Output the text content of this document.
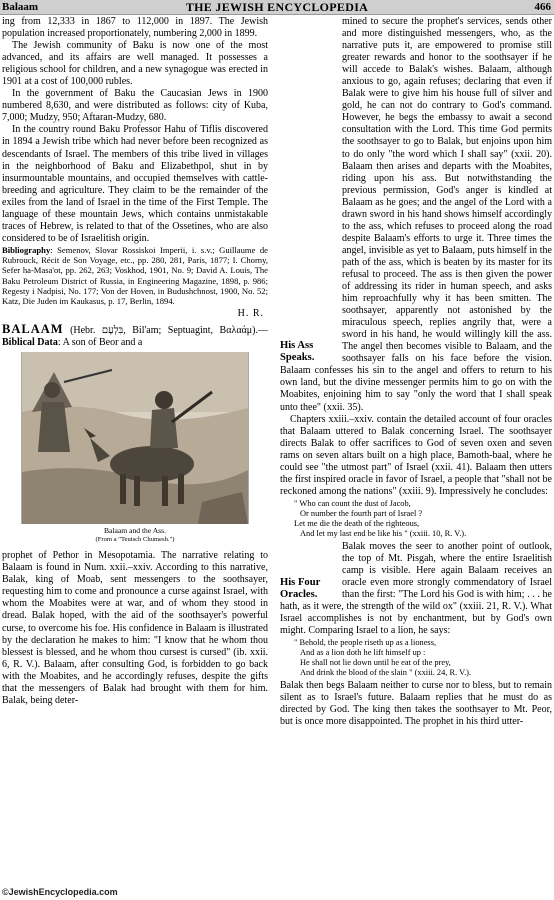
Balaam	THE JEWISH ENCYCLOPEDIA	466

ing from 12,333 in 1867 to 112,000 in 1897. The Jewish population increased proportionately, numbering 2,000 in 1899.

The Jewish community of Baku is now one of the most advanced, and its affairs are well managed. It possesses a religious school for children, and a new synagogue was erected in 1901 at a cost of 100,000 rubles.

In the government of Baku the Caucasian Jews in 1900 numbered 8,630, and were distributed as follows: city of Kuba, 7,000; Mudzy, 950; Aftaran-Mudzy, 680.

In the country round Baku Professor Hahu of Tiflis discovered in 1894 a Jewish tribe which had never before been recognized as descendants of Israel. The members of this tribe lived in villages in the neighborhood of Baku and Elizabethpol, shut in by insurmountable mountains, and occupied themselves with cattle-breeding and agriculture. They claim to be the remainder of the exiles from the land of Israel in the time of the First Temple. The language of these mountain Jews, which contains unmistakable traces of Hebrew, is related to that of the Ossetines, who are also considered to be of Israelitish origin.

Bibliography: Semenov, Slovar Rossiskoi Imperii, i. s.v.; Guillaume de Rubrouck, Récit de Son Voyage, etc., pp. 280, 281, Paris, 1877; I. Chorny, Sefer ha-Masa'ot, pp. 262, 263; Voskhod, 1901, No. 9; David A. Louis, The Baku Petroleum District of Russia, in Engineering Magazine, 1898, p. 986; Regesty i Nadpisi, No. 177; Von der Hoven, in Budushchnost, 1900, No. 52; Katz, Die Juden im Kaukasus, p. 17, Berlin, 1894.

H. R.

BALAAM (Hebr. בִּלְעָם, Bil'am; Septuagint, Βαλαάμ).—Biblical Data: A son of Beor and a

Balaam and the Ass.
(From a "Teutsch Chumesh.")

prophet of Pethor in Mesopotamia. The narrative relating to Balaam is found in Num. xxii.–xxiv. According to this narrative, Balak, king of Moab, sent messengers to the soothsayer, requesting him to come and pronounce a curse against Israel, with whom the Moabites were at war, and of whom they stood in dread. Balak hoped, with the aid of the soothsayer's powerful curse, to overcome his foe. His confidence in Balaam is illustrated by the declaration he makes to him: "I know that he whom thou blessest is blessed, and he whom thou cursest is cursed" (ib. xxii. 6, R. V.). Balaam, after consulting God, is forbidden to go back with the Moabites, and he accordingly refuses, despite the gifts that the messengers of Balak had brought with them for him. Balak, being deter-

His Ass Speaks.
mined to secure the prophet's services, sends other and more distinguished messengers, who, as the narrative puts it, are empowered to promise still greater rewards and honor to the soothsayer if he will accede to Balak's wishes. Balaam, although anxious to go, again refuses; declaring that even if Balak were to give him his house full of silver and gold, he can not do contrary to God's command. However, he begs the embassy to await a second consultation with the Lord. This time God permits the soothsayer to go to Balak, but enjoins upon him to do only "the word which I shall say" (xxii. 20). Balaam then arises and departs with the Moabites, riding upon his ass. But notwithstanding the previous permission, God's anger is kindled at Balaam as he goes; and the angel of the Lord with a drawn sword in his hand shows himself accordingly to the ass, which refuses to proceed along the road despite Balaam's efforts to urge it. Three times the angel, invisible as yet to Balaam, puts himself in the path of the ass, which is beaten by its master for its refusal to proceed. The ass is then given the power of addressing its rider in human speech, and asks him reproachfully why it has been smitten. The soothsayer, apparently not astonished by the miraculous speech, replies angrily that, were a sword in his hand, he would willingly kill the ass. The angel then becomes visible to Balaam, and the soothsayer falls on his face before the vision. Balaam confesses his sin to the angel and offers to return to his own land, but the divine messenger permits him to go on with the Moabites, enjoining him to say "only the word that I shall speak unto thee" (xxii. 35).

Chapters xxiii.–xxiv. contain the detailed account of four oracles that Balaam uttered to Balak concerning Israel. The soothsayer directs Balak to offer sacrifices to God of seven oxen and seven rams on seven altars built on a high place, Bamoth-baal, where he could see "the utmost part" of Israel (xxii. 41). Balaam then utters the first inspired oracle in favor of Israel, a people that "shall not be reckoned among the nations" (xxiii. 9). Impressively he concludes:

" Who can count the dust of Jacob,
Or number the fourth part of Israel ?
Let me die the death of the righteous,
And let my last end be like his " (xxiii. 10, R. V.).

His Four Oracles.
Balak moves the seer to another point of outlook, the top of Mt. Pisgah, where the entire Israelitish camp is visible. Here again Balaam receives an oracle even more strongly commendatory of Israel than the first: "The Lord his God is with him; . . . he hath, as it were, the strength of the wild ox" (xxiii. 21, R. V.). What Israel accomplishes is not by enchantment, but by God's own might. Comparing Israel to a lion, he says:

" Behold, the people riseth up as a lioness,
And as a lion doth he lift himself up :
He shall not lie down until he eat of the prey,
And drink the blood of the slain " (xxiii. 24, R. V.).

Balak then begs Balaam neither to curse nor to bless, but to remain silent as to Israel's future. Balaam replies that he must do as directed by God. The king then takes the soothsayer to Mt. Peor, but is once more disappointed. The prophet in his third utter-

©JewishEncyclopedia.com
